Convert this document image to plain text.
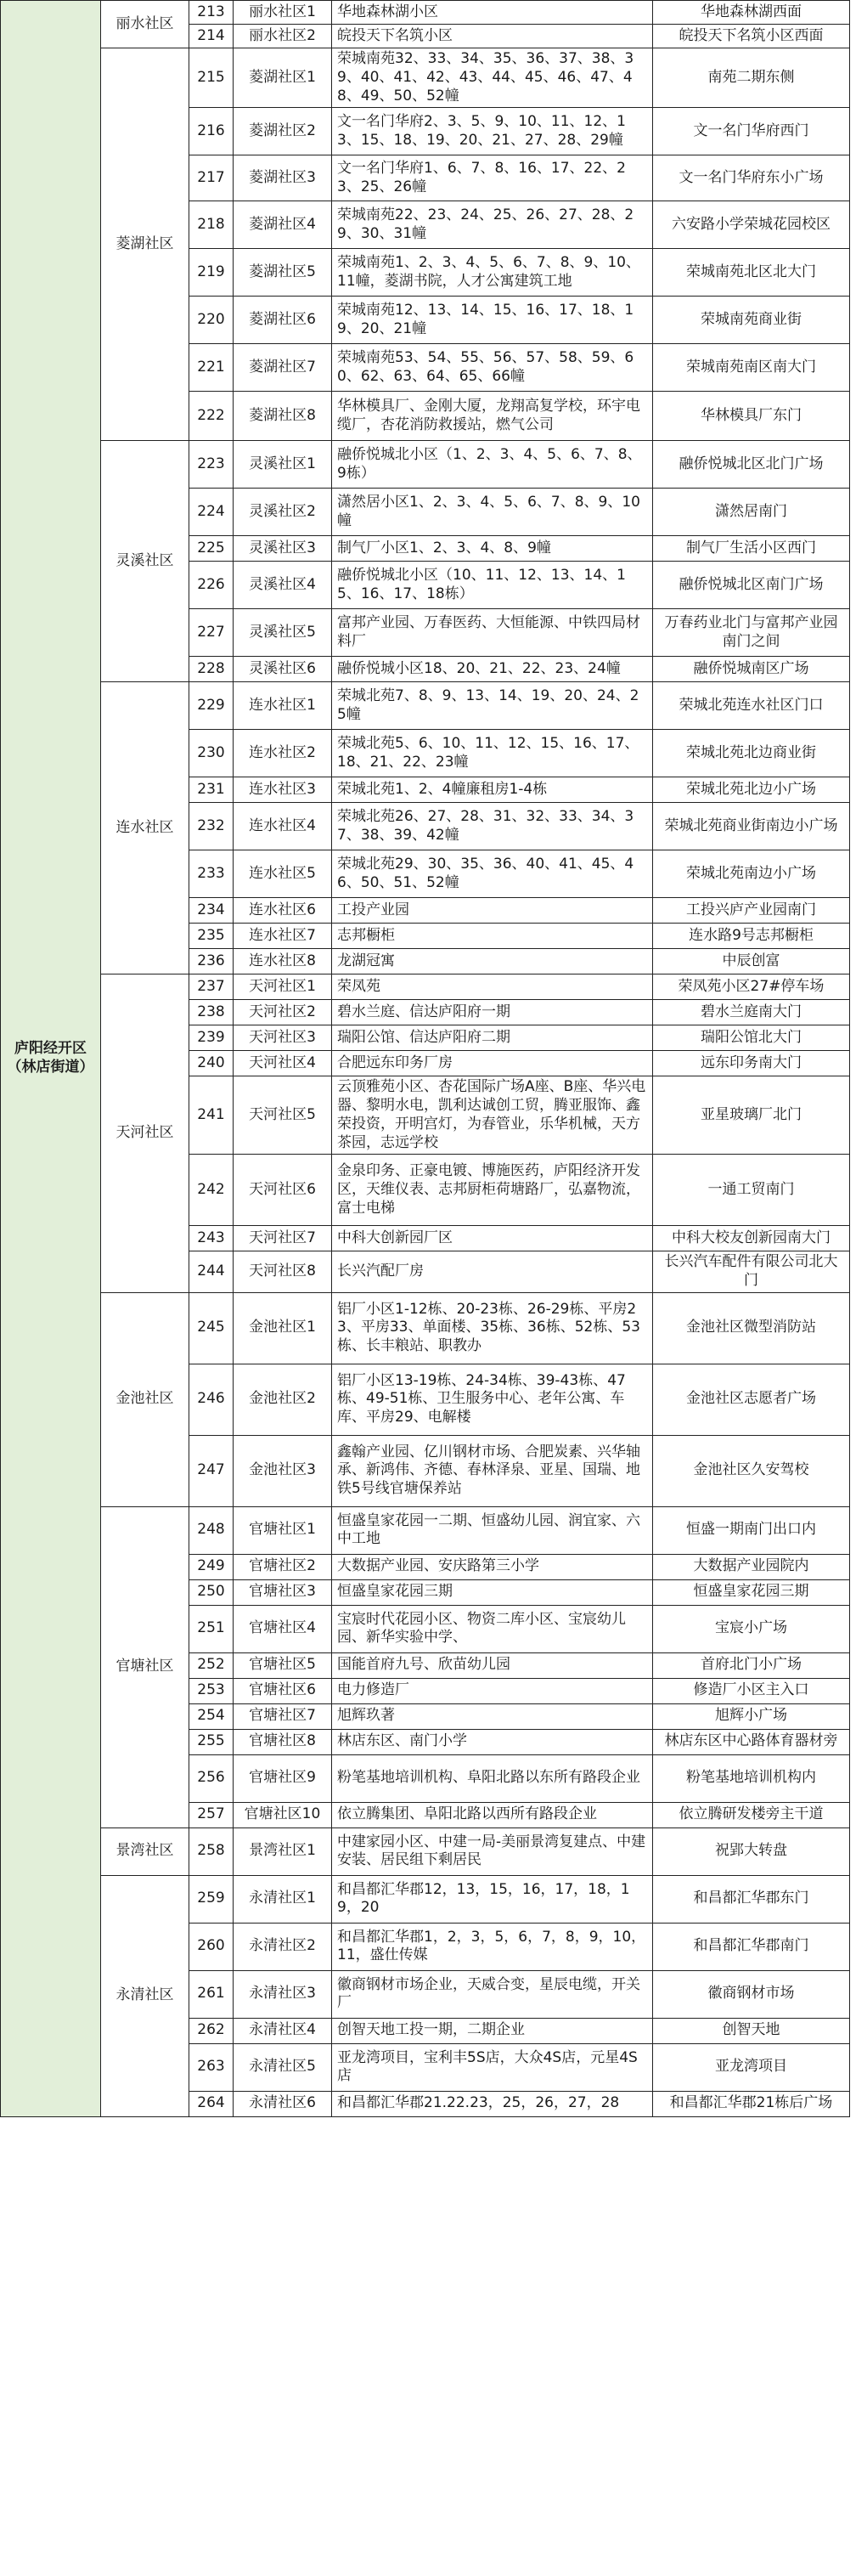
庐阳经开区（林店街道）	丽水社区	213	丽水社区1	华地森林湖小区	华地森林湖西面
		214	丽水社区2	皖投天下名筑小区	皖投天下名筑小区西面
	菱湖社区	215	菱湖社区1	荣城南苑32、33、34、35、36、37、38、39、40、41、42、43、44、45、46、47、48、49、50、52幢	南苑二期东侧
		216	菱湖社区2	文一名门华府2、3、5、9、10、11、12、13、15、18、19、20、21、27、28、29幢	文一名门华府西门
		217	菱湖社区3	文一名门华府1、6、7、8、16、17、22、23、25、26幢	文一名门华府东小广场
		218	菱湖社区4	荣城南苑22、23、24、25、26、27、28、29、30、31幢	六安路小学荣城花园校区
		219	菱湖社区5	荣城南苑1、2、3、4、5、6、7、8、9、10、11幢，菱湖书院，人才公寓建筑工地	荣城南苑北区北大门
		220	菱湖社区6	荣城南苑12、13、14、15、16、17、18、19、20、21幢	荣城南苑商业街
		221	菱湖社区7	荣城南苑53、54、55、56、57、58、59、60、62、63、64、65、66幢	荣城南苑南区南大门
		222	菱湖社区8	华林模具厂、金刚大厦，龙翔高复学校，环宇电缆厂，杏花消防救援站，燃气公司	华林模具厂东门
	灵溪社区	223	灵溪社区1	融侨悦城北小区（1、2、3、4、5、6、7、8、9栋）	融侨悦城北区北门广场
		224	灵溪社区2	潇然居小区1、2、3、4、5、6、7、8、9、10幢	潇然居南门
		225	灵溪社区3	制气厂小区1、2、3、4、8、9幢	制气厂生活小区西门
		226	灵溪社区4	融侨悦城北小区（10、11、12、13、14、15、16、17、18栋）	融侨悦城北区南门广场
		227	灵溪社区5	富邦产业园、万春医药、大恒能源、中铁四局材料厂	万春药业北门与富邦产业园南门之间
		228	灵溪社区6	融侨悦城小区18、20、21、22、23、24幢	融侨悦城南区广场
	连水社区	229	连水社区1	荣城北苑7、8、9、13、14、19、20、24、25幢	荣城北苑连水社区门口
		230	连水社区2	荣城北苑5、6、10、11、12、15、16、17、18、21、22、23幢	荣城北苑北边商业街
		231	连水社区3	荣城北苑1、2、4幢廉租房1-4栋	荣城北苑北边小广场
		232	连水社区4	荣城北苑26、27、28、31、32、33、34、37、38、39、42幢	荣城北苑商业街南边小广场
		233	连水社区5	荣城北苑29、30、35、36、40、41、45、46、50、51、52幢	荣城北苑南边小广场
		234	连水社区6	工投产业园	工投兴庐产业园南门
		235	连水社区7	志邦橱柜	连水路9号志邦橱柜
		236	连水社区8	龙湖冠寓	中辰创富
	天河社区	237	天河社区1	荣凤苑	荣凤苑小区27#停车场
		238	天河社区2	碧水兰庭、信达庐阳府一期	碧水兰庭南大门
		239	天河社区3	瑞阳公馆、信达庐阳府二期	瑞阳公馆北大门
		240	天河社区4	合肥远东印务厂房	远东印务南大门
		241	天河社区5	云顶雅苑小区、杏花国际广场A座、B座、华兴电器、黎明水电，凯利达诚创工贸，腾亚服饰、鑫荣投资，开明宫灯，为春管业，乐华机械，天方茶园，志远学校	亚星玻璃厂北门
		242	天河社区6	金泉印务、正豪电镀、博施医药，庐阳经济开发区，天维仪表、志邦厨柜荷塘路厂，弘嘉物流，富士电梯	一通工贸南门
		243	天河社区7	中科大创新园厂区	中科大校友创新园南大门
		244	天河社区8	长兴汽配厂房	长兴汽车配件有限公司北大门
	金池社区	245	金池社区1	铝厂小区1-12栋、20-23栋、26-29栋、平房23、平房33、单面楼、35栋、36栋、52栋、53栋、长丰粮站、职教办	金池社区微型消防站
		246	金池社区2	铝厂小区13-19栋、24-34栋、39-43栋、47栋、49-51栋、卫生服务中心、老年公寓、车库、平房29、电解楼	金池社区志愿者广场
		247	金池社区3	鑫翰产业园、亿川钢材市场、合肥炭素、兴华轴承、新鸿伟、齐德、春林泽泉、亚星、国瑞、地铁5号线官塘保养站	金池社区久安驾校
	官塘社区	248	官塘社区1	恒盛皇家花园一二期、恒盛幼儿园、润宜家、六中工地	恒盛一期南门出口内
		249	官塘社区2	大数据产业园、安庆路第三小学	大数据产业园院内
		250	官塘社区3	恒盛皇家花园三期	恒盛皇家花园三期
		251	官塘社区4	宝宸时代花园小区、物资二库小区、宝宸幼儿园、新华实验中学、	宝宸小广场
		252	官塘社区5	国能首府九号、欣苗幼儿园	首府北门小广场
		253	官塘社区6	电力修造厂	修造厂小区主入口
		254	官塘社区7	旭辉玖著	旭辉小广场
		255	官塘社区8	林店东区、南门小学	林店东区中心路体育器材旁
		256	官塘社区9	粉笔基地培训机构、阜阳北路以东所有路段企业	粉笔基地培训机构内
		257	官塘社区10	依立腾集团、阜阳北路以西所有路段企业	依立腾研发楼旁主干道
	景湾社区	258	景湾社区1	中建家园小区、中建一局-美丽景湾复建点、中建安装、居民组下剩居民	祝郢大转盘
	永清社区	259	永清社区1	和昌都汇华郡12，13，15，16，17，18，19，20	和昌都汇华郡东门
		260	永清社区2	和昌都汇华郡1，2，3，5，6，7，8，9，10，11，盛仕传媒	和昌都汇华郡南门
		261	永清社区3	徽商钢材市场企业，天威合变，星辰电缆，开关厂	徽商钢材市场
		262	永清社区4	创智天地工投一期，二期企业	创智天地
		263	永清社区5	亚龙湾项目，宝利丰5S店，大众4S店，元星4S店	亚龙湾项目
		264	永清社区6	和昌都汇华郡21.22.23，25，26，27，28	和昌都汇华郡21栋后广场
